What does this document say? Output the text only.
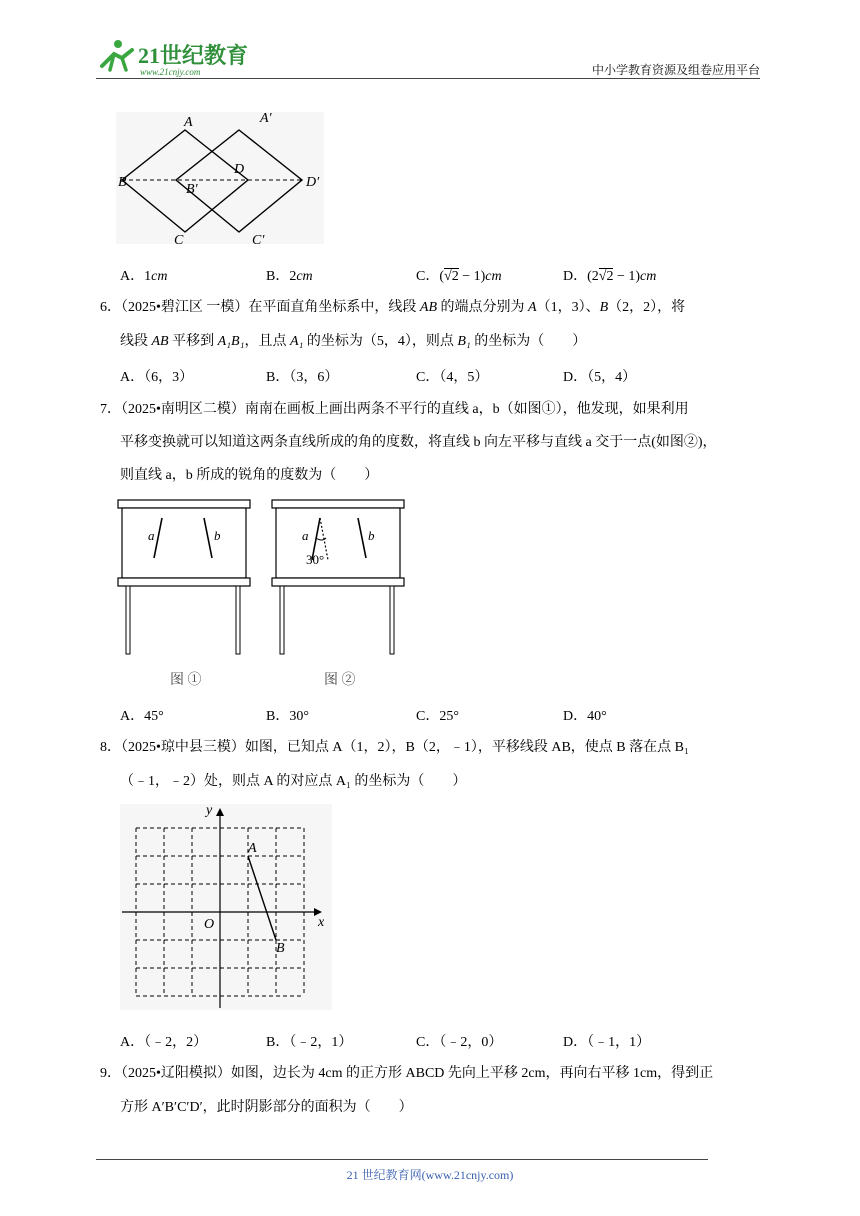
21世纪教育
www.21cnjy.com	中小学教育资源及组卷应用平台
A	A′
B	B′
D
D′
C	C′
A．1cm	B．2cm	C．(√2 − 1)cm	D．(2√2 − 1)cm
6．（2025•碧江区 一模）在平面直角坐标系中，线段 AB 的端点分别为 A（1，3）、B（2，2），将
线段 AB 平移到 A₁B₁，且点 A₁ 的坐标为（5，4），则点 B₁ 的坐标为（　　）
A．（6，3）	B．（3，6）	C．（4，5）	D．（5，4）
7．（2025•南明区二模）南南在画板上画出两条不平行的直线 a，b（如图①），他发现，如果利用
平移变换就可以知道这两条直线所成的角的度数，将直线 b 向左平移与直线 a 交于一点(如图②)，
则直线 a，b 所成的锐角的度数为（　　）
a	b	a	b
30°
图 ①	图 ②
A．45°	B．30°	C．25°	D．40°
8．（2025•琼中县三模）如图，已知点 A（1，2），B（2，﹣1），平移线段 AB，使点 B 落在点 B₁
（﹣1，﹣2）处，则点 A 的对应点 A₁ 的坐标为（　　）
x
y
O
A
B
A．（﹣2，2）	B．（﹣2，1）	C．（﹣2，0）	D．（﹣1，1）
9．（2025•辽阳模拟）如图，边长为 4cm 的正方形 ABCD 先向上平移 2cm，再向右平移 1cm，得到正
方形 A′B′C′D′，此时阴影部分的面积为（　　）
21 世纪教育网(www.21cnjy.com)
